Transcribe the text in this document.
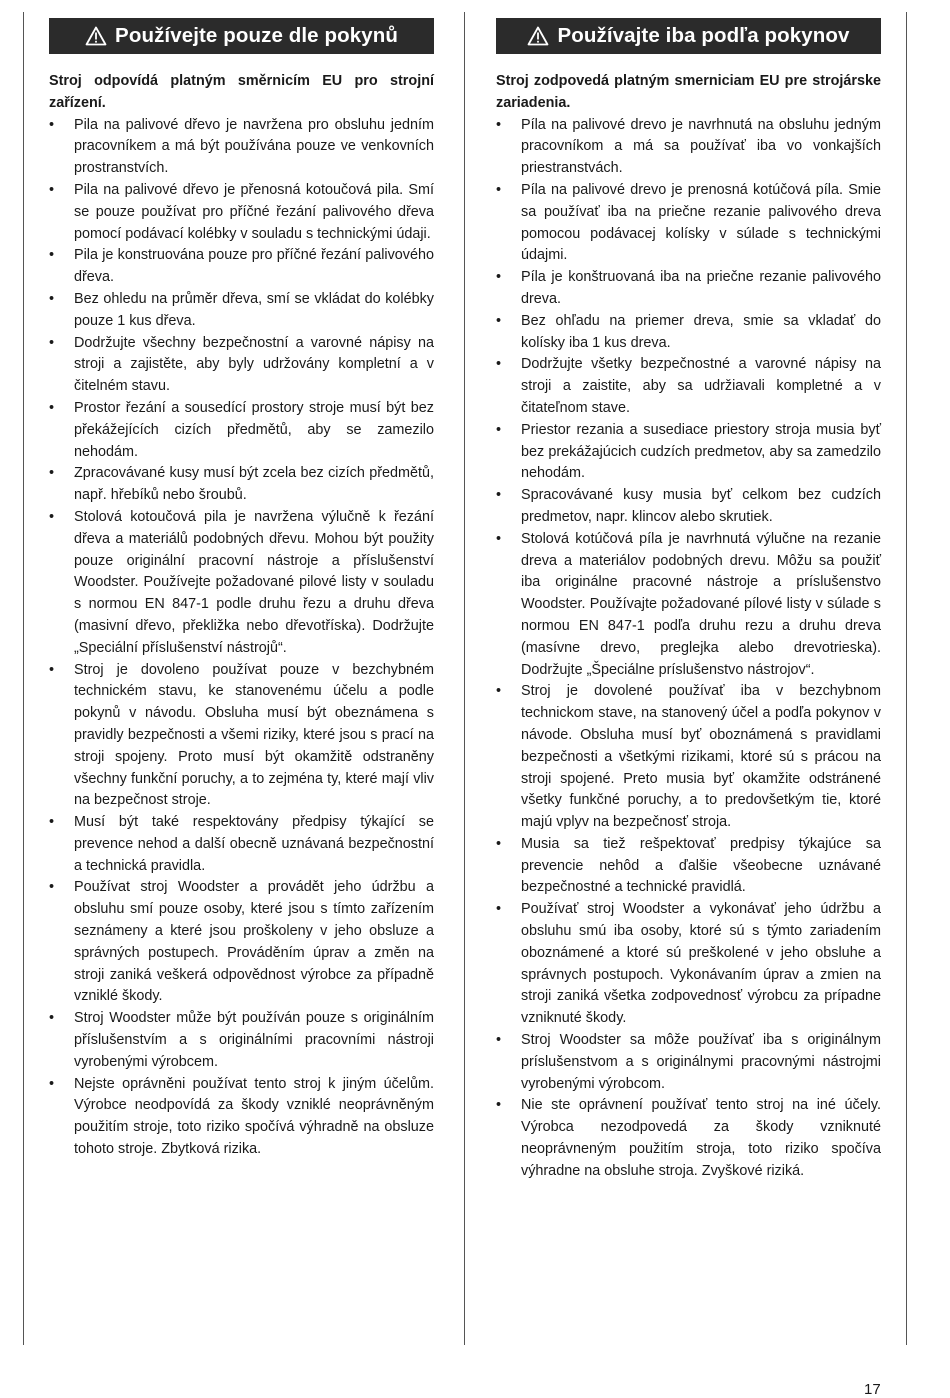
Používejte pouze dle pokynů

Stroj odpovídá platným směrnicím EU pro strojní zařízení.

• Pila na palivové dřevo je navržena pro obsluhu jedním pracovníkem a má být používána pouze ve venkovních prostranstvích.
• Pila na palivové dřevo je přenosná kotoučová pila. Smí se pouze používat pro příčné řezání palivového dřeva pomocí podávací kolébky v souladu s technickými údaji.
• Pila je konstruována pouze pro příčné řezání palivového dřeva.
• Bez ohledu na průměr dřeva, smí se vkládat do kolébky pouze 1 kus dřeva.
• Dodržujte všechny bezpečnostní a varovné nápisy na stroji a zajistěte, aby byly udržovány kompletní a v čitelném stavu.
• Prostor řezání a sousedící prostory stroje musí být bez překážejících cizích předmětů, aby se zamezilo nehodám.
• Zpracovávané kusy musí být zcela bez cizích předmětů, např. hřebíků nebo šroubů.
• Stolová kotoučová pila je navržena výlučně k řezání dřeva a materiálů podobných dřevu. Mohou být použity pouze originální pracovní nástroje a příslušenství Woodster. Používejte požadované pilové listy v souladu s normou EN 847-1 podle druhu řezu a druhu dřeva (masivní dřevo, překližka nebo dřevotříska). Dodržujte „Speciální příslušenství nástrojů“.
• Stroj je dovoleno používat pouze v bezchybném technickém stavu, ke stanovenému účelu a podle pokynů v návodu. Obsluha musí být obeznámena s pravidly bezpečnosti a všemi riziky, které jsou s prací na stroji spojeny. Proto musí být okamžitě odstraněny všechny funkční poruchy, a to zejména ty, které mají vliv na bezpečnost stroje.
• Musí být také respektovány předpisy týkající se prevence nehod a další obecně uznávaná bezpečnostní a technická pravidla.
• Používat stroj Woodster a provádět jeho údržbu a obsluhu smí pouze osoby, které jsou s tímto zařízením seznámeny a které jsou proškoleny v jeho obsluze a správných postupech. Prováděním úprav a změn na stroji zaniká veškerá odpovědnost výrobce za případně vzniklé škody.
• Stroj Woodster může být používán pouze s originálním příslušenstvím a s originálními pracovními nástroji vyrobenými výrobcem.
• Nejste oprávněni používat tento stroj k jiným účelům. Výrobce neodpovídá za škody vzniklé neoprávněným použitím stroje, toto riziko spočívá výhradně na obsluze tohoto stroje. Zbytková rizika.
Používajte iba podľa pokynov

Stroj zodpovedá platným smerniciam EU pre strojárske zariadenia.

• Píla na palivové drevo je navrhnutá na obsluhu jedným pracovníkom a má sa používať iba vo vonkajších priestranstvách.
• Píla na palivové drevo je prenosná kotúčová píla. Smie sa používať iba na priečne rezanie palivového dreva pomocou podávacej kolísky v súlade s technickými údajmi.
• Píla je konštruovaná iba na priečne rezanie palivového dreva.
• Bez ohľadu na priemer dreva, smie sa vkladať do kolísky iba 1 kus dreva.
• Dodržujte všetky bezpečnostné a varovné nápisy na stroji a zaistite, aby sa udržiavali kompletné a v čitateľnom stave.
• Priestor rezania a susediace priestory stroja musia byť bez prekážajúcich cudzích predmetov, aby sa zamedzilo nehodám.
• Spracovávané kusy musia byť celkom bez cudzích predmetov, napr. klincov alebo skrutiek.
• Stolová kotúčová píla je navrhnutá výlučne na rezanie dreva a materiálov podobných drevu. Môžu sa použiť iba originálne pracovné nástroje a príslušenstvo Woodster. Používajte požadované pílové listy v súlade s normou EN 847-1 podľa druhu rezu a druhu dreva (masívne drevo, preglejka alebo drevotrieska). Dodržujte „Špeciálne príslušenstvo nástrojov“.
• Stroj je dovolené používať iba v bezchybnom technickom stave, na stanovený účel a podľa pokynov v návode. Obsluha musí byť oboznámená s pravidlami bezpečnosti a všetkými rizikami, ktoré sú s prácou na stroji spojené. Preto musia byť okamžite odstránené všetky funkčné poruchy, a to predovšetkým tie, ktoré majú vplyv na bezpečnosť stroja.
• Musia sa tiež rešpektovať predpisy týkajúce sa prevencie nehôd a ďalšie všeobecne uznávané bezpečnostné a technické pravidlá.
• Používať stroj Woodster a vykonávať jeho údržbu a obsluhu smú iba osoby, ktoré sú s týmto zariadením oboznámené a ktoré sú preškolené v jeho obsluhe a správnych postupoch. Vykonávaním úprav a zmien na stroji zaniká všetka zodpovednosť výrobcu za prípadne vzniknuté škody.
• Stroj Woodster sa môže používať iba s originálnym príslušenstvom a s originálnymi pracovnými nástrojmi vyrobenými výrobcom.
• Nie ste oprávnení používať tento stroj na iné účely. Výrobca nezodpovedá za škody vzniknuté neoprávneným použitím stroja, toto riziko spočíva výhradne na obsluhe stroja. Zvyškové riziká.
17
